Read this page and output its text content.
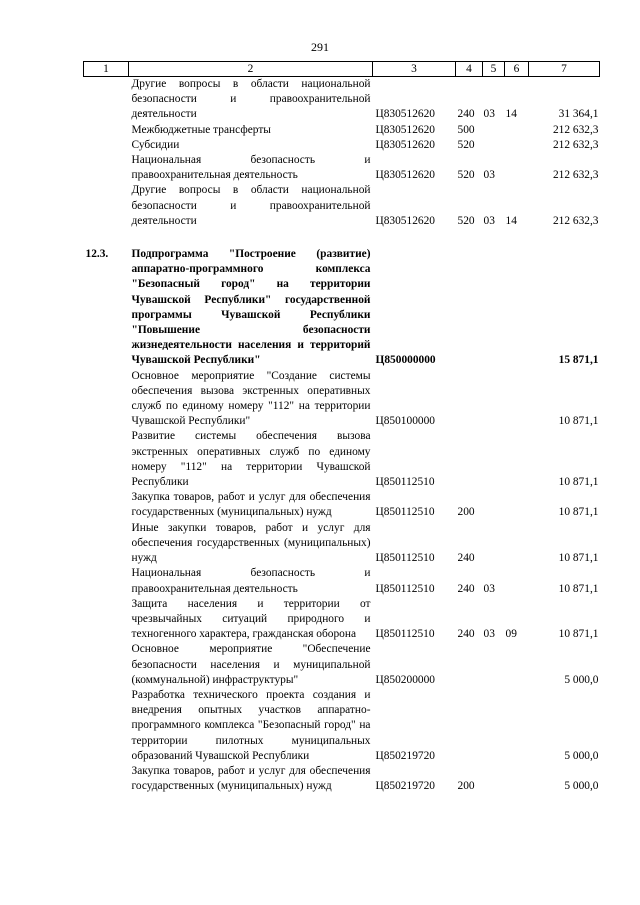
291
1	2	3	4	5	6	7
	Другие вопросы в области национальной безопасности и правоохранительной деятельности	Ц830512620	240	03	14	31 364,1
	Межбюджетные трансферты	Ц830512620	500			212 632,3
	Субсидии	Ц830512620	520			212 632,3
	Национальная безопасность и правоохранительная деятельность	Ц830512620	520	03		212 632,3
	Другие вопросы в области национальной безопасности и правоохранительной деятельности	Ц830512620	520	03	14	212 632,3

12.3.	Подпрограмма "Построение (развитие) аппаратно-программного комплекса "Безопасный город" на территории Чувашской Республики" государственной программы Чувашской Республики "Повышение безопасности жизнедеятельности населения и территорий Чувашской Республики"	Ц850000000				15 871,1
	Основное мероприятие "Создание системы обеспечения вызова экстренных оперативных служб по единому номеру "112" на территории Чувашской Республики"	Ц850100000				10 871,1
	Развитие системы обеспечения вызова экстренных оперативных служб по единому номеру "112" на территории Чувашской Республики	Ц850112510				10 871,1
	Закупка товаров, работ и услуг для обеспечения государственных (муниципальных) нужд	Ц850112510	200			10 871,1
	Иные закупки товаров, работ и услуг для обеспечения государственных (муниципальных) нужд	Ц850112510	240			10 871,1
	Национальная безопасность и правоохранительная деятельность	Ц850112510	240	03		10 871,1
	Защита населения и территории от чрезвычайных ситуаций природного и техногенного характера, гражданская оборона	Ц850112510	240	03	09	10 871,1
	Основное мероприятие "Обеспечение безопасности населения и муниципальной (коммунальной) инфраструктуры"	Ц850200000				5 000,0
	Разработка технического проекта создания и внедрения опытных участков аппаратно-программного комплекса "Безопасный город" на территории пилотных муниципальных образований Чувашской Республики	Ц850219720				5 000,0
	Закупка товаров, работ и услуг для обеспечения государственных (муниципальных) нужд	Ц850219720	200			5 000,0
